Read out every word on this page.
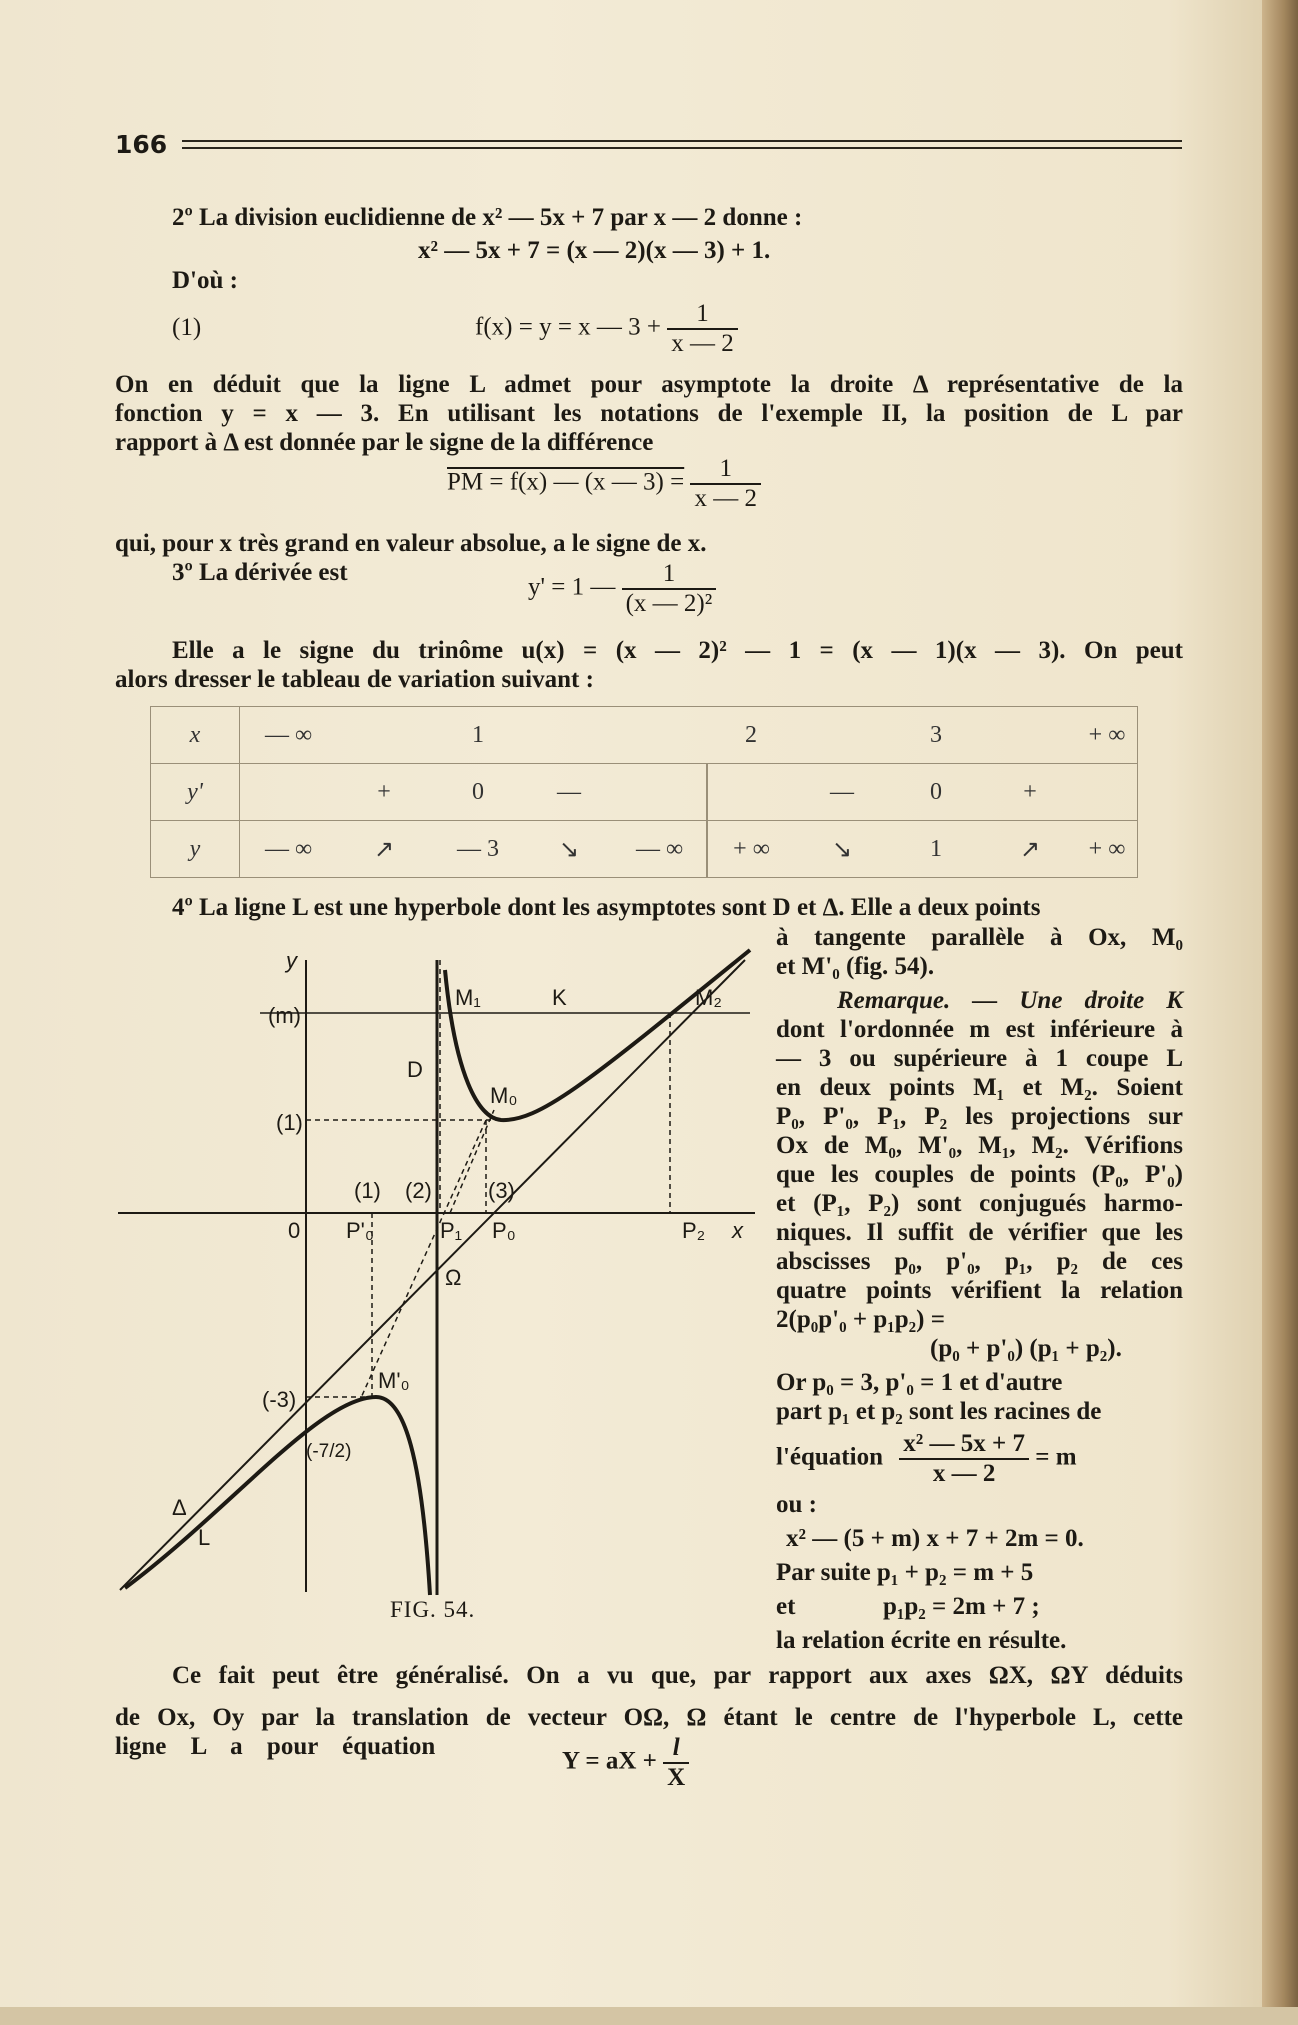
166
2º La division euclidienne de x² — 5x + 7 par x — 2 donne :
x² — 5x + 7 = (x — 2)(x — 3) + 1.
D'où :
(1)	f(x) = y = x — $3 + \frac{1}{x — 2}$
On en déduit que la ligne L admet pour asymptote la droite Δ représentative de la
fonction y = x — 3. En utilisant les notations de l'exemple II, la position de L par
rapport à Δ est donnée par le signe de la différence
PM = f(x) — (x — $3) = \frac{1}{x — 2}$
qui, pour x très grand en valeur absolue, a le signe de x.
3º La dérivée est
y' = 1 — $\frac{1}{\text{(x — 2)²}}$
Elle a le signe du trinôme u(x) = (x — 2)² — 1 = (x — 1)(x — 3). On peut
alors dresser le tableau de variation suivant :
x	— ∞		1			2		3		+ ∞
y'		+	0	—			—	0	+	
y	— ∞	↗	— 3	↘	— ∞	+ ∞	↘	1	↗	+ ∞
4º La ligne L est une hyperbole dont les asymptotes sont D et Δ. Elle a deux points
à tangente parallèle à Ox, M₀
et M'₀ (fig. 54).
Remarque. — Une droite K
dont l'ordonnée m est inférieure à
— 3 ou supérieure à 1 coupe L
en deux points M₁ et M₂. Soient
P₀, P'₀, P₁, P₂ les projections sur
Ox de M₀, M'₀, M₁, M₂. Vérifions
que les couples de points (P₀, P'₀)
et (P₁, P₂) sont conjugués harmo-
niques. Il suffit de vérifier que les
abscisses p₀, p'₀, p₁, p₂ de ces
quatre points vérifient la relation
2(p₀p'₀ + p₁p₂) =
(p₀ + p'₀) (p₁ + p₂).
Or p₀ = 3, p'₀ = 1 et d'autre
part p₁ et p₂ sont les racines de
l'équation $\frac{\text{x² — 5x + 7}}{x — 2} = m$
ou :
x² — (5 + m) x + 7 + 2m = 0.
Par suite p₁ + p₂ = m + 5
et	p₁p₂ = 2m + 7 ;
la relation écrite en résulte.
Ce fait peut être généralisé. On a vu que, par rapport aux axes ΩX, ΩY déduits
de Ox, Oy par la translation de vecteur OΩ, Ω étant le centre de l'hyperbole L, cette
ligne L a pour équation
Y = aX + $\frac{l}{X}$
y
(m)
D
M₁	K	M₂
M₀
(1)
(1) (2)	(3)
0 P'₀	P₁ P₀	P₂ x
Ω
M'₀
(-3)
(-7/2)
Δ
L
FIG. 54.
